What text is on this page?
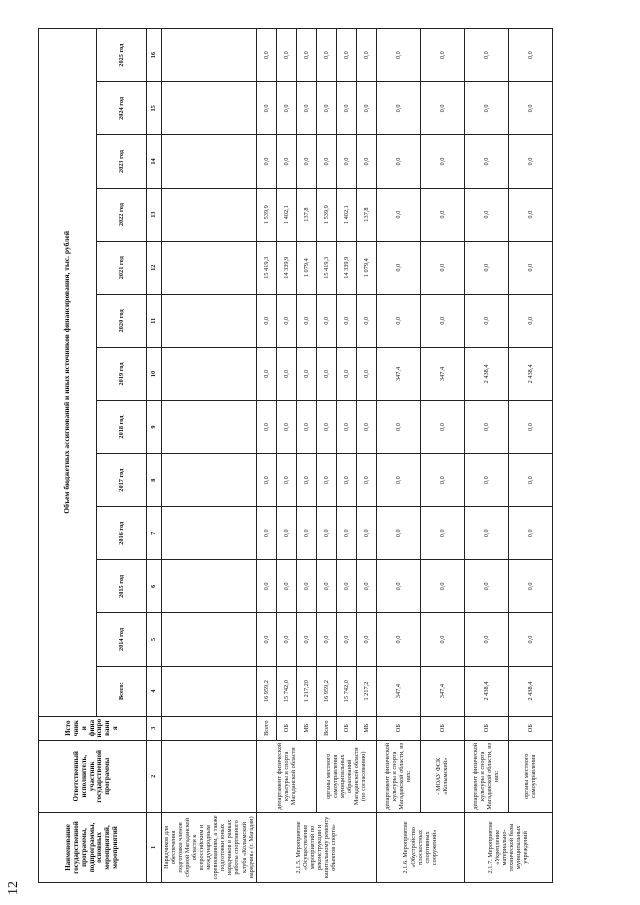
12
Наименование государственной программы, подпрограммы, основных мероприятий, мероприятий	Ответственный исполнитель, участник государственной программы	Источники финансирования	Объем бюджетных ассигнований и иных источников финансирования, тыс. рублей												
			Всего:	2014 год	2015 год	2016 год	2017 год	2018 год	2019 год	2020 год	2021 год	2022 год	2023 год	2024 год	2025 год
1	2	3	4	5	6	7	8	9	10	11	12	13	14	15	16
Нарядчиков для обеспечения подготовки членов сборной Магаданской области к всероссийским и международным соревнованиям, а также подготовки юных нарядчиков в рамках работы спортивного клуба «Колымский нарядчик» (г. Магадан)															
2.1.5. Мероприятие «Осуществление мероприятий по реконструкции и капитальному ремонту объектов спорта»	департамент физической культуры и спорта Магаданской области	Всего	16 959,2	0,0	0,0	0,0	0,0	0,0	0,0	0,0	15 419,3	1 539,9	0,0	0,0	0,0
		ОБ	15 742,0	0,0	0,0	0,0	0,0	0,0	0,0	0,0	14 339,9	1 402,1	0,0	0,0	0,0
		МБ	1 217,20	0,0	0,0	0,0	0,0	0,0	0,0	0,0	1 079,4	137,8	0,0	0,0	0,0
	органы местного самоуправления муниципальных образований Магаданской области (по согласованию)	Всего	16 959,2	0,0	0,0	0,0	0,0	0,0	0,0	0,0	15 419,3	1 539,9	0,0	0,0	0,0
		ОБ	15 742,0	0,0	0,0	0,0	0,0	0,0	0,0	0,0	14 339,9	1 402,1	0,0	0,0	0,0
		МБ	1 217,2	0,0	0,0	0,0	0,0	0,0	0,0	0,0	1 079,4	137,8	0,0	0,0	0,0
2.1.6. Мероприятие «Обустройство плоскостных спортивных сооружений»	департамент физической культуры и спорта Магаданской области, из них:	ОБ	347,4	0,0	0,0	0,0	0,0	0,0	347,4	0,0	0,0	0,0	0,0	0,0	0,0
	- МОАУ ФСК «Колымский»	ОБ	347,4	0,0	0,0	0,0	0,0	0,0	347,4	0,0	0,0	0,0	0,0	0,0	0,0
2.1.7. Мероприятие «Укрепление материально-технической базы муниципальных учреждений	департамент физической культуры и спорта Магаданской области, из них:	ОБ	2 438,4	0,0	0,0	0,0	0,0	0,0	2 438,4	0,0	0,0	0,0	0,0	0,0	0,0
	органы местного самоуправления	ОБ	2 438,4	0,0	0,0	0,0	0,0	0,0	2 438,4	0,0	0,0	0,0	0,0	0,0	0,0
